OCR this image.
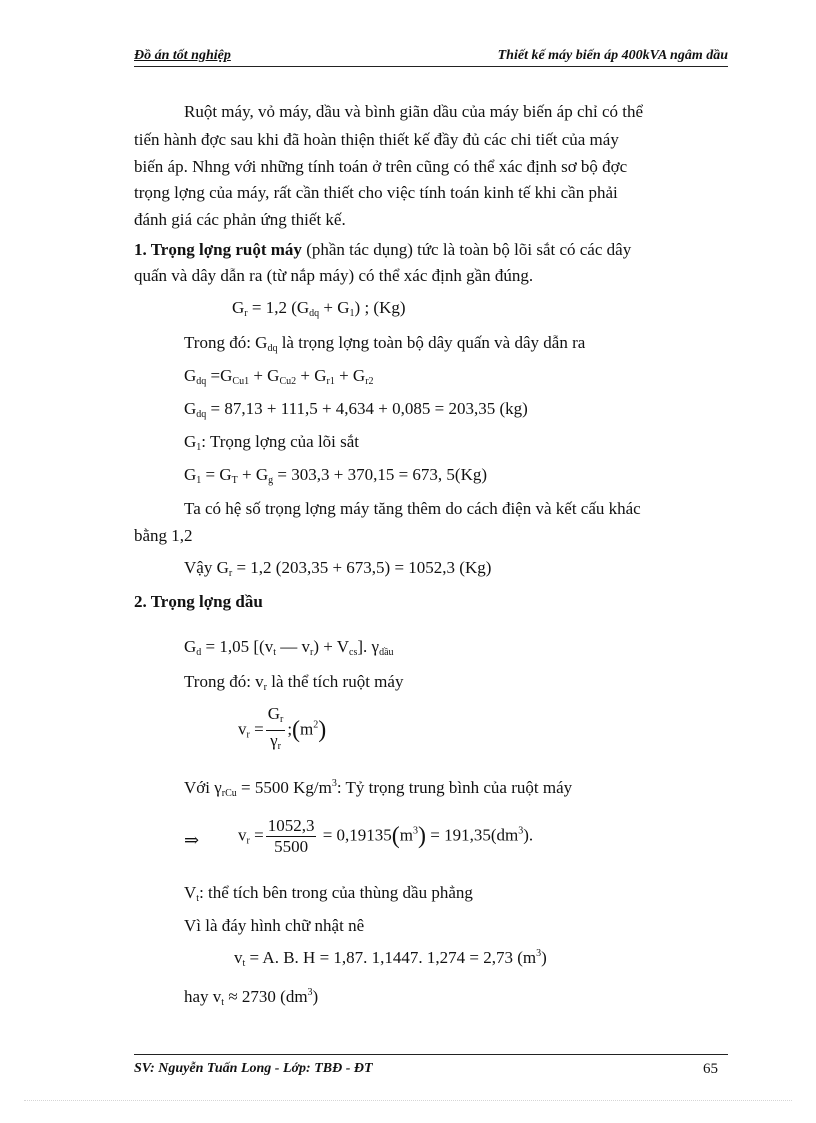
Đồ án tốt nghiệp	Thiết kế máy biến áp 400kVA ngâm dầu
Ruột máy, vỏ máy, dầu và bình giãn dầu của máy biến áp chỉ có thể
tiến hành đợc sau khi đã hoàn thiện thiết kế đầy đủ các chi tiết của máy
biến áp. Nhng với những tính toán ở trên cũng có thể xác định sơ bộ đợc
trọng lợng của máy, rất cần thiết cho việc tính toán kinh tế khi cần phải
đánh giá các phản ứng thiết kế.
1. Trọng lợng ruột máy (phần tác dụng) tức là toàn bộ lõi sắt có các dây
quấn và dây dẫn ra (từ nắp máy) có thể xác định gần đúng.
$G_r = 1,2$ $(G_{dq} + G_1)$ ; (Kg)
Trong đó: $G_{dq}$ là trọng lợng toàn bộ dây quấn và dây dẫn ra
$G_{dq} =G_{Cu1} + G_{Cu2} + G_{r1} + G_{r2}$
$G_{dq} = 87,13 + 111,5 + 4,634 + 0,085 = 203,35$ (kg)
$G_1$: Trọng lợng của lõi sắt
$G_1 = G_T + G_g = 303,3 + 370,15 = 673$, 5(Kg)
Ta có hệ số trọng lợng máy tăng thêm do cách điện và kết cấu khác
bằng 1,2
Vậy $G_r = 1,2$ (203,35 + 673,5) = 1052,3 (Kg)
2. Trọng lợng dầu
$G_d = 1,05$ [($v_t$ — $v_r) + V_{cs}$]. $\gamma_{dầu}$
Trong đó: $v_r$ là thể tích ruột máy
$v_r = \frac{G_r}{\gamma_r}$ $;(m^2)$
Với $\gamma_{rCu} = 5500$ $Kg/m^3$: Tỷ trọng trung bình của ruột máy
⇒ $v_r = \frac{1052,3}{5500} = 0,19135(m^3) = 191,35(dm^3)$.
$V_t$: thể tích bên trong của thùng dầu phẳng
Vì là đáy hình chữ nhật nê
$v_t = A$. B. H = 1,87. 1,1447. 1,274 = 2,73 $(m^3)$
hay $v_t \approx 2730$ $(dm^3)$
SV: Nguyễn Tuấn Long - Lớp: TBĐ - ĐT	65
